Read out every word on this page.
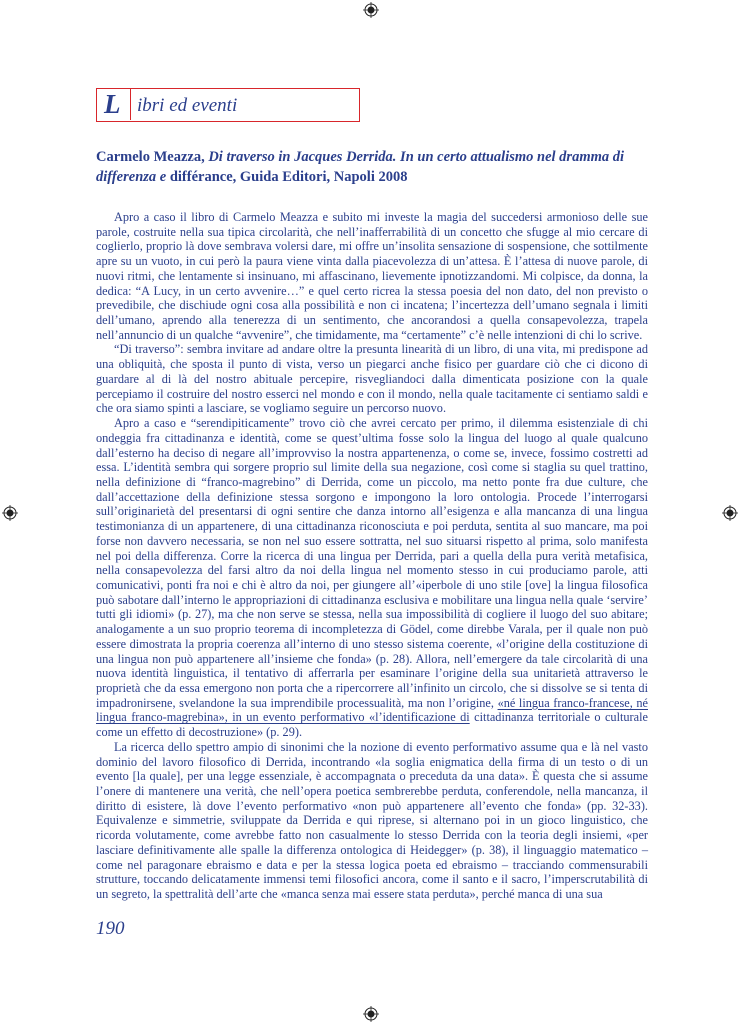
L ibri ed eventi
Carmelo Meazza, Di traverso in Jacques Derrida. In un certo attualismo nel dramma di differenza e différance, Guida Editori, Napoli 2008

Apro a caso il libro di Carmelo Meazza e subito mi investe la magia del succedersi armonioso delle sue parole, costruite nella sua tipica circolarità, che nell’inafferrabilità di un concetto che sfugge al mio cercare di coglierlo, proprio là dove sembrava volersi dare, mi offre un’insolita sensazione di sospensione, che sottilmente apre su un vuoto, in cui però la paura viene vinta dalla piacevolezza di un’attesa. È l’attesa di nuove parole, di nuovi ritmi, che lentamente si insinuano, mi affascinano, lievemente ipnotizzandomi. Mi colpisce, da donna, la dedica: “A Lucy, in un certo avvenire…” e quel certo ricrea la stessa poesia del non dato, del non previsto o prevedibile, che dischiude ogni cosa alla possibilità e non ci incatena; l’incertezza dell’umano segnala i limiti dell’umano, aprendo alla tenerezza di un sentimento, che ancorandosi a quella consapevolezza, trapela nell’annuncio di un qualche “avvenire”, che timidamente, ma “certamente” c’è nelle intenzioni di chi lo scrive.

“Di traverso”: sembra invitare ad andare oltre la presunta linearità di un libro, di una vita, mi predispone ad una obliquità, che sposta il punto di vista, verso un piegarci anche fisico per guardare ciò che ci dicono di guardare al di là del nostro abituale percepire, risvegliandoci dalla dimenticata posizione con la quale percepiamo il costruire del nostro esserci nel mondo e con il mondo, nella quale tacitamente ci sentiamo saldi e che ora siamo spinti a lasciare, se vogliamo seguire un percorso nuovo.

Apro a caso e “serendipiticamente” trovo ciò che avrei cercato per primo, il dilemma esistenziale di chi ondeggia fra cittadinanza e identità, come se quest’ultima fosse solo la lingua del luogo al quale qualcuno dall’esterno ha deciso di negare all’improvviso la nostra appartenenza, o come se, invece, fossimo costretti ad essa. L’identità sembra qui sorgere proprio sul limite della sua negazione, così come si staglia su quel trattino, nella definizione di “franco-magrebino” di Derrida, come un piccolo, ma netto ponte fra due culture, che dall’accettazione della definizione stessa sorgono e impongono la loro ontologia. Procede l’interrogarsi sull’originarietà del presentarsi di ogni sentire che danza intorno all’esigenza e alla mancanza di una lingua testimonianza di un appartenere, di una cittadinanza riconosciuta e poi perduta, sentita al suo mancare, ma poi forse non davvero necessaria, se non nel suo essere sottratta, nel suo situarsi rispetto al prima, solo manifesta nel poi della differenza. Corre la ricerca di una lingua per Derrida, pari a quella della pura verità metafisica, nella consapevolezza del farsi altro da noi della lingua nel momento stesso in cui produciamo parole, atti comunicativi, ponti fra noi e chi è altro da noi, per giungere all’«iperbole di uno stile [ove] la lingua filosofica può sabotare dall’interno le appropriazioni di cittadinanza esclusiva e mobilitare una lingua nella quale ‘servire’ tutti gli idiomi» (p. 27), ma che non serve se stessa, nella sua impossibilità di cogliere il luogo del suo abitare; analogamente a un suo proprio teorema di incompletezza di Gödel, come direbbe Varala, per il quale non può essere dimostrata la propria coerenza all’interno di uno stesso sistema coerente, «l’origine della costituzione di una lingua non può appartenere all’insieme che fonda» (p. 28). Allora, nell’emergere da tale circolarità di una nuova identità linguistica, il tentativo di afferrarla per esaminare l’origine della sua unitarietà attraverso le proprietà che da essa emergono non porta che a ripercorrere all’infinito un circolo, che si dissolve se si tenta di impadronirsene, svelandone la sua imprendibile processualità, ma non l’origine, «né lingua franco-francese, né lingua franco-magrebina», in un evento performativo «l’identificazione di cittadinanza territoriale o culturale come un effetto di decostruzione» (p. 29).

La ricerca dello spettro ampio di sinonimi che la nozione di evento performativo assume qua e là nel vasto dominio del lavoro filosofico di Derrida, incontrando «la soglia enigmatica della firma di un testo o di un evento [la quale], per una legge essenziale, è accompagnata o preceduta da una data». È questa che si assume l’onere di mantenere una verità, che nell’opera poetica sembrerebbe perduta, conferendole, nella mancanza, il diritto di esistere, là dove l’evento performativo «non può appartenere all’evento che fonda» (pp. 32-33). Equivalenze e simmetrie, sviluppate da Derrida e qui riprese, si alternano poi in un gioco linguistico, che ricorda volutamente, come avrebbe fatto non casualmente lo stesso Derrida con la teoria degli insiemi, «per lasciare definitivamente alle spalle la differenza ontologica di Heidegger» (p. 38), il linguaggio matematico – come nel paragonare ebraismo e data e per la stessa logica poeta ed ebraismo – tracciando commensurabili strutture, toccando delicatamente immensi temi filosofici ancora, come il santo e il sacro, l’imperscrutabilità di un segreto, la spettralità dell’arte che «manca senza mai essere stata perduta», perché manca di una sua

190
